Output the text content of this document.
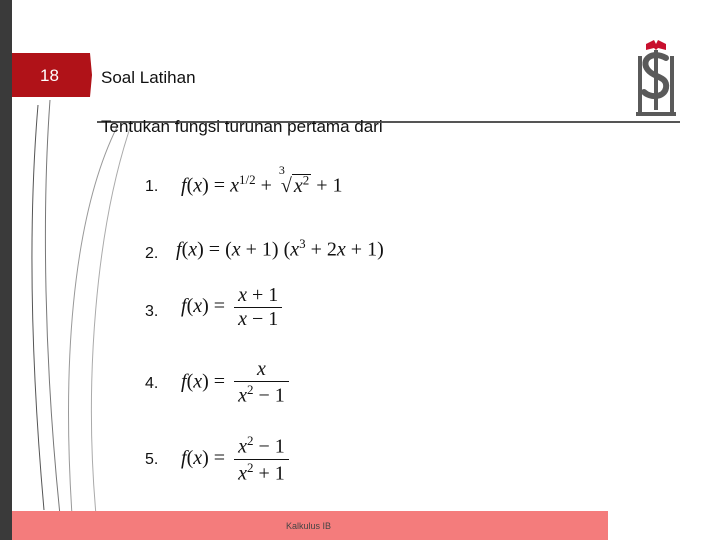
18 Soal Latihan
Tentukan fungsi turunan pertama dari
1. $f(x) = x^{1/2}$ +
3
√ $x^2 + 1$
2. f(x) = (x + 1) $(x^3 + 2x + 1)$
3. $f(x) = \frac{x + 1}{x - 1}$
4. $f(x) = \frac{x}{x^2 - 1}$
5. $f(x) = \frac{x^2 - 1}{x^2 + 1}$
Kalkulus IB
